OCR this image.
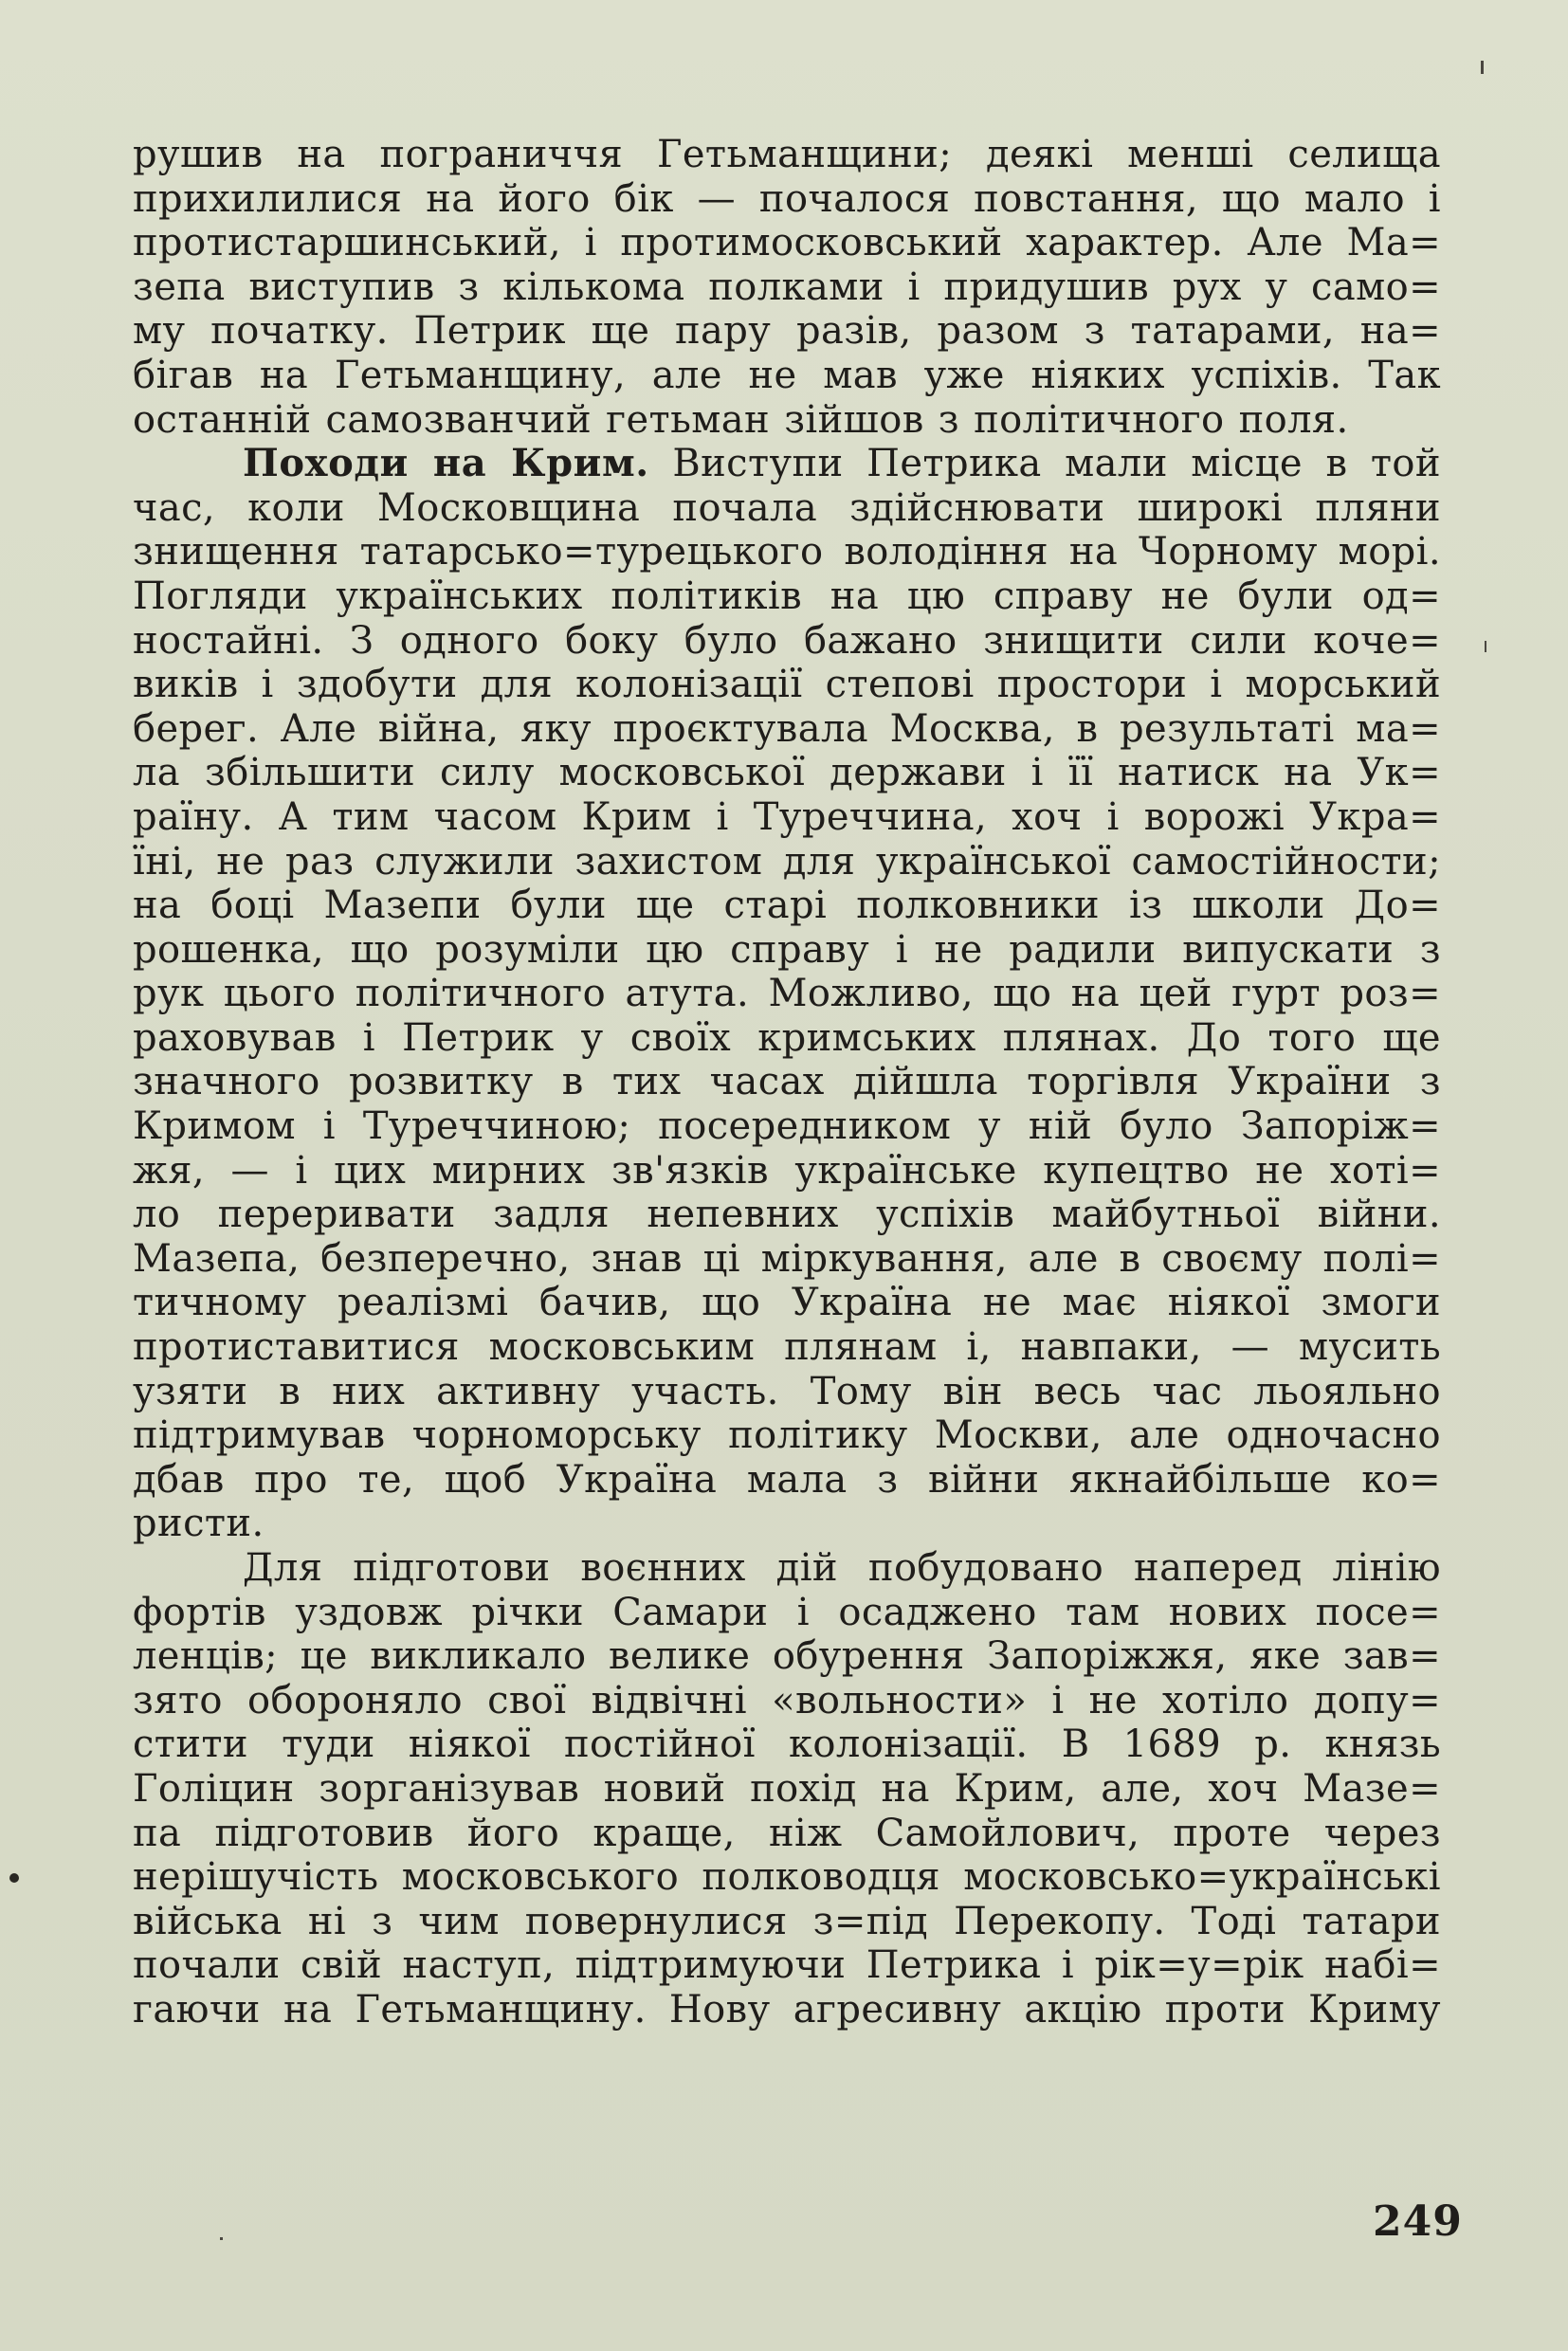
рушив на пограниччя Гетьманщини; деякі менші селища
прихилилися на його бік — почалося повстання, що мало і
протистаршинський, і протимосковський характер. Але Ма=
зепа виступив з кількома полками і придушив рух у само=
му початку. Петрик ще пару разів, разом з татарами, на=
бігав на Гетьманщину, але не мав уже ніяких успіхів. Так
останній самозванчий гетьман зійшов з політичного поля.
Походи на Крим. Виступи Петрика мали місце в той
час, коли Московщина почала здійснювати широкі пляни
знищення татарсько=турецького володіння на Чорному морі.
Погляди українських політиків на цю справу не були од=
ностайні. З одного боку було бажано знищити сили коче=
виків і здобути для колонізації степові простори і морський
берег. Але війна, яку проєктувала Москва, в результаті ма=
ла збільшити силу московської держави і її натиск на Ук=
раїну. А тим часом Крим і Туреччина, хоч і ворожі Укра=
їні, не раз служили захистом для української самостійности;
на боці Мазепи були ще старі полковники із школи До=
рошенка, що розуміли цю справу і не радили випускати з
рук цього політичного атута. Можливо, що на цей гурт роз=
раховував і Петрик у своїх кримських плянах. До того ще
значного розвитку в тих часах дійшла торгівля України з
Кримом і Туреччиною; посередником у ній було Запоріж=
жя, — і цих мирних зв'язків українське купецтво не хоті=
ло переривати задля непевних успіхів майбутньої війни.
Мазепа, безперечно, знав ці міркування, але в своєму полі=
тичному реалізмі бачив, що Україна не має ніякої змоги
протиставитися московським плянам і, навпаки, — мусить
узяти в них активну участь. Тому він весь час льояльно
підтримував чорноморську політику Москви, але одночасно
дбав про те, щоб Україна мала з війни якнайбільше ко=
ристи.
Для підготови воєнних дій побудовано наперед лінію
фортів уздовж річки Самари і осаджено там нових посе=
ленців; це викликало велике обурення Запоріжжя, яке зав=
зято обороняло свої відвічні «вольности» і не хотіло допу=
стити туди ніякої постійної колонізації. В 1689 р. князь
Голіцин зорганізував новий похід на Крим, але, хоч Мазе=
па підготовив його краще, ніж Самойлович, проте через
нерішучість московського полководця московсько=українські
війська ні з чим повернулися з=під Перекопу. Тоді татари
почали свій наступ, підтримуючи Петрика і рік=у=рік набі=
гаючи на Гетьманщину. Нову агресивну акцію проти Криму
249
